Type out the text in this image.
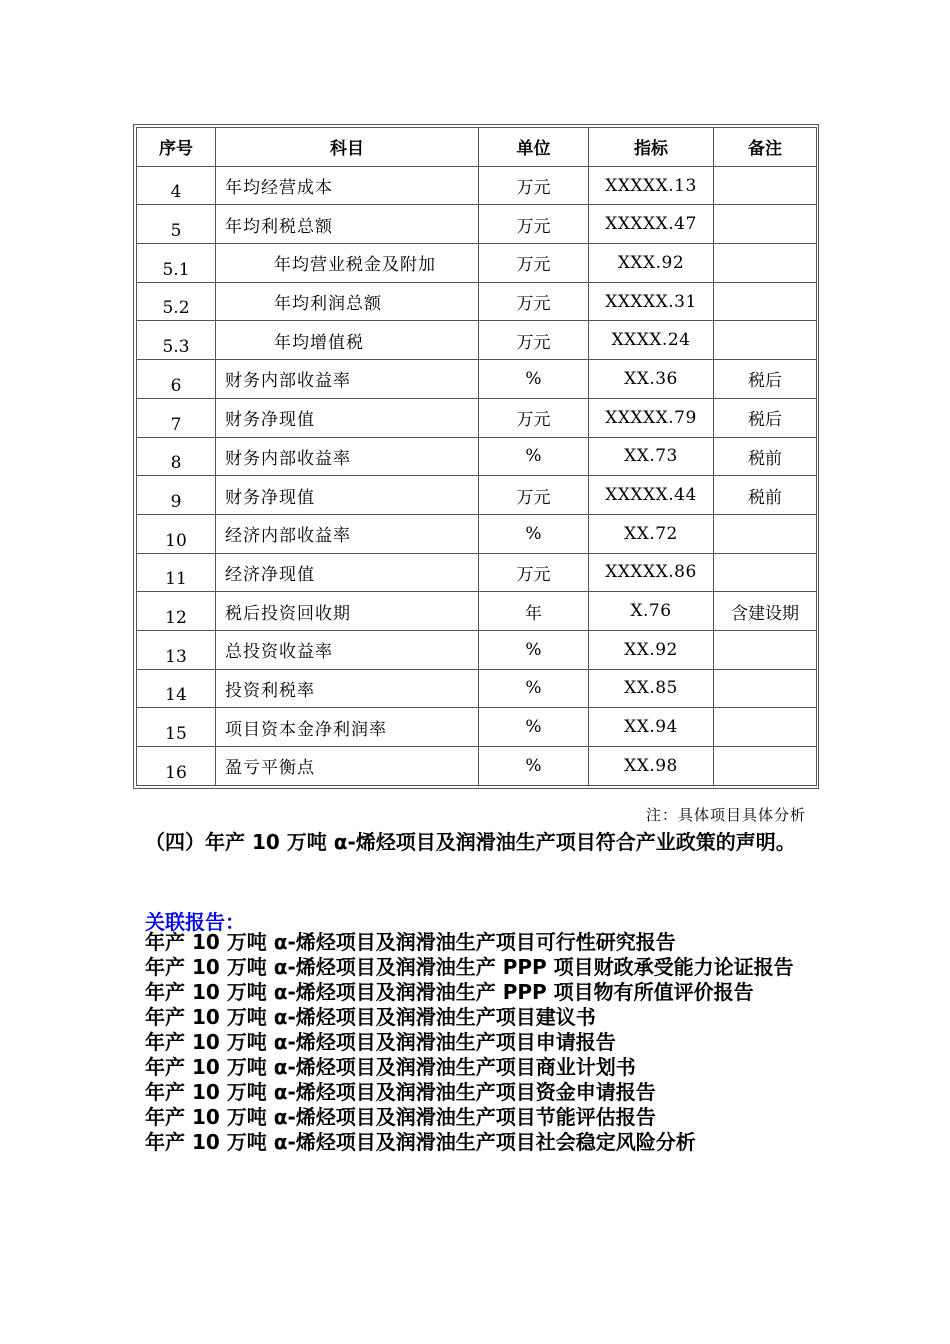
序号	科目	单位	指标	备注
4	年均经营成本	万元	XXXXX.13	
5	年均利税总额	万元	XXXXX.47	
5.1	年均营业税金及附加	万元	XXX.92	
5.2	年均利润总额	万元	XXXXX.31	
5.3	年均增值税	万元	XXXX.24	
6	财务内部收益率	%	XX.36	税后
7	财务净现值	万元	XXXXX.79	税后
8	财务内部收益率	%	XX.73	税前
9	财务净现值	万元	XXXXX.44	税前
10	经济内部收益率	%	XX.72	
11	经济净现值	万元	XXXXX.86	
12	税后投资回收期	年	X.76	含建设期
13	总投资收益率	%	XX.92	
14	投资利税率	%	XX.85	
15	项目资本金净利润率	%	XX.94	
16	盈亏平衡点	%	XX.98	
注：具体项目具体分析
（四）年产 10 万吨 α-烯烃项目及润滑油生产项目符合产业政策的声明。
关联报告：
年产 10 万吨 α-烯烃项目及润滑油生产项目可行性研究报告
年产 10 万吨 α-烯烃项目及润滑油生产 PPP 项目财政承受能力论证报告
年产 10 万吨 α-烯烃项目及润滑油生产 PPP 项目物有所值评价报告
年产 10 万吨 α-烯烃项目及润滑油生产项目建议书
年产 10 万吨 α-烯烃项目及润滑油生产项目申请报告
年产 10 万吨 α-烯烃项目及润滑油生产项目商业计划书
年产 10 万吨 α-烯烃项目及润滑油生产项目资金申请报告
年产 10 万吨 α-烯烃项目及润滑油生产项目节能评估报告
年产 10 万吨 α-烯烃项目及润滑油生产项目社会稳定风险分析
